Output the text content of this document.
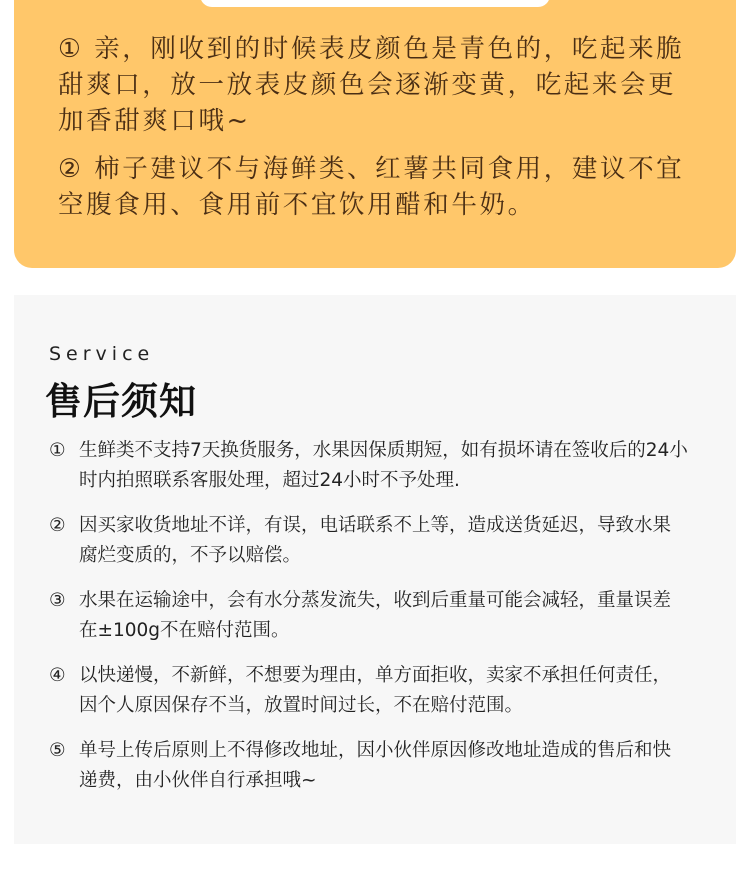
① 亲，刚收到的时候表皮颜色是青色的，吃起来脆甜爽口，放一放表皮颜色会逐渐变黄，吃起来会更加香甜爽口哦~

② 柿子建议不与海鲜类、红薯共同食用，建议不宜空腹食用、食用前不宜饮用醋和牛奶。

Service
售后须知
① 生鲜类不支持7天换货服务，水果因保质期短，如有损坏请在签收后的24小时内拍照联系客服处理，超过24小时不予处理.
② 因买家收货地址不详，有误，电话联系不上等，造成送货延迟，导致水果腐烂变质的，不予以赔偿。
③ 水果在运输途中，会有水分蒸发流失，收到后重量可能会减轻，重量误差在±100g不在赔付范围。
④ 以快递慢，不新鲜，不想要为理由，单方面拒收，卖家不承担任何责任，因个人原因保存不当，放置时间过长，不在赔付范围。
⑤ 单号上传后原则上不得修改地址，因小伙伴原因修改地址造成的售后和快递费，由小伙伴自行承担哦~
